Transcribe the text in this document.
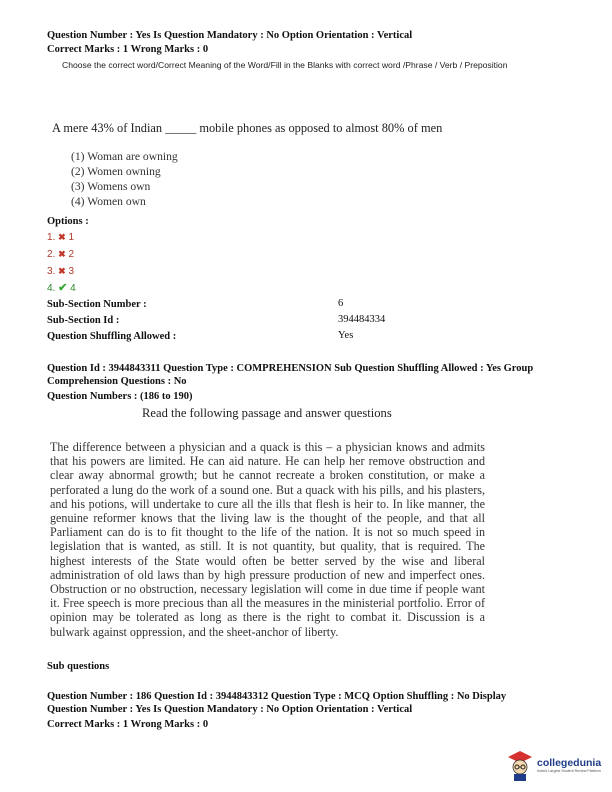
Question Number : Yes Is Question Mandatory : No Option Orientation : Vertical
Correct Marks : 1 Wrong Marks : 0
Choose the correct word/Correct Meaning of the Word/Fill in the Blanks with correct word /Phrase / Verb / Preposition
A mere 43% of Indian _____ mobile phones as opposed to almost 80% of men
(1) Woman are owning
(2) Women owning
(3) Womens own
(4) Women own
Options :
1. ✖ 1
2. ✖ 2
3. ✖ 3
4. ✔ 4
Sub-Section Number :	6
Sub-Section Id :	394484334
Question Shuffling Allowed :	Yes
Question Id : 3944843311 Question Type : COMPREHENSION Sub Question Shuffling Allowed : Yes Group
Comprehension Questions : No
Question Numbers : (186 to 190)
Read the following passage and answer questions

The difference between a physician and a quack is this – a physician knows and admits that his powers are limited. He can aid nature. He can help her remove obstruction and clear away abnormal growth; but he cannot recreate a broken constitution, or make a perforated a lung do the work of a sound one. But a quack with his pills, and his plasters, and his potions, will undertake to cure all the ills that flesh is heir to. In like manner, the genuine reformer knows that the living law is the thought of the people, and that all Parliament can do is to fit thought to the life of the nation. It is not so much speed in legislation that is wanted, as still. It is not quantity, but quality, that is required. The highest interests of the State would often be better served by the wise and liberal administration of old laws than by high pressure production of new and imperfect ones. Obstruction or no obstruction, necessary legislation will come in due time if people want it. Free speech is more precious than all the measures in the ministerial portfolio. Error of opinion may be tolerated as long as there is the right to combat it. Discussion is a bulwark against oppression, and the sheet-anchor of liberty.

Sub questions
Question Number : 186 Question Id : 3944843312 Question Type : MCQ Option Shuffling : No Display
Question Number : Yes Is Question Mandatory : No Option Orientation : Vertical
Correct Marks : 1 Wrong Marks : 0
collegedunia
India's Largest Student Review Platform
